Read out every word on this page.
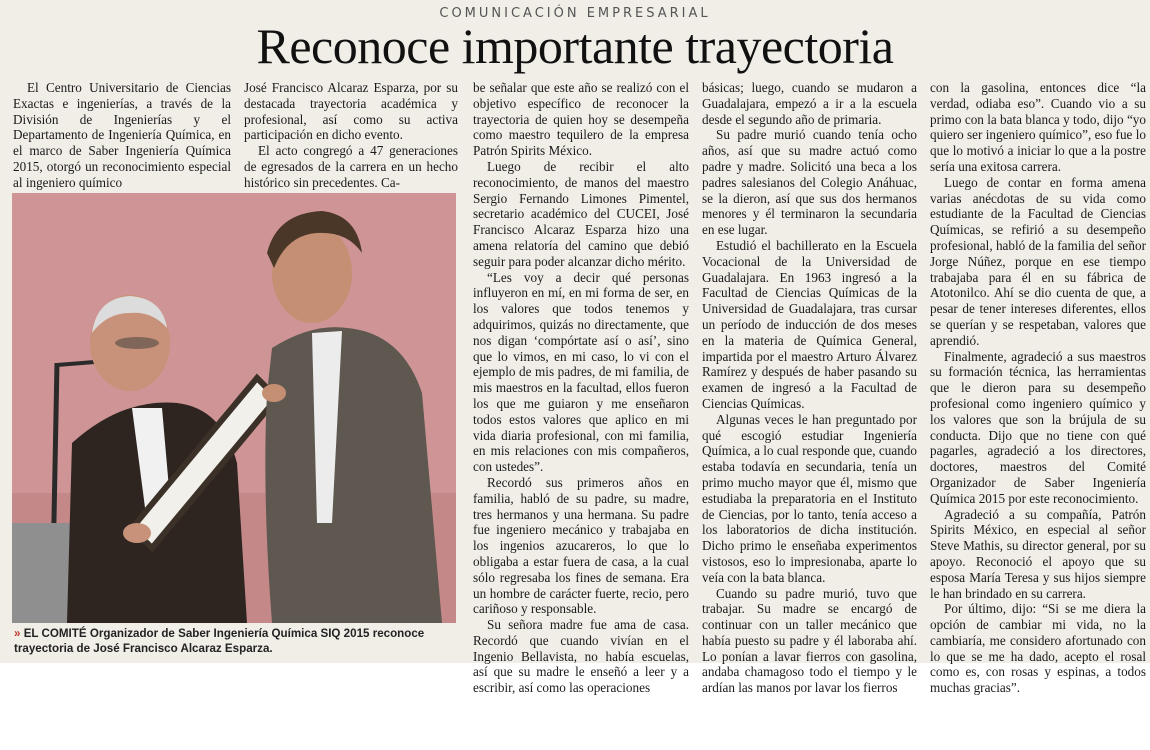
COMUNICACIÓN EMPRESARIAL
Reconoce importante trayectoria

El Centro Universitario de Ciencias Exactas e ingenierías, a través de la División de Ingenierías y el Departamento de Ingeniería Química, en el marco de Saber Ingeniería Química 2015, otorgó un reconocimiento especial al ingeniero químico

José Francisco Alcaraz Esparza, por su destacada trayectoria académica y profesional, así como su activa participación en dicho evento.

El acto congregó a 47 generaciones de egresados de la carrera en un hecho histórico sin precedentes. Ca-

be señalar que este año se realizó con el objetivo específico de reconocer la trayectoria de quien hoy se desempeña como maestro tequilero de la empresa Patrón Spirits México.

Luego de recibir el alto reconocimiento, de manos del maestro Sergio Fernando Limones Pimentel, secretario académico del CUCEI, José Francisco Alcaraz Esparza hizo una amena relatoría del camino que debió seguir para poder alcanzar dicho mérito.

“Les voy a decir qué personas influyeron en mí, en mi forma de ser, en los valores que todos tenemos y adquirimos, quizás no directamente, que nos digan ‘compórtate así o así’, sino que lo vimos, en mi caso, lo vi con el ejemplo de mis padres, de mi familia, de mis maestros en la facultad, ellos fueron los que me guiaron y me enseñaron todos estos valores que aplico en mi vida diaria profesional, con mi familia, en mis relaciones con mis compañeros, con ustedes”.

Recordó sus primeros años en familia, habló de su padre, su madre, tres hermanos y una hermana. Su padre fue ingeniero mecánico y trabajaba en los ingenios azucareros, lo que lo obligaba a estar fuera de casa, a la cual sólo regresaba los fines de semana. Era un hombre de carácter fuerte, recio, pero cariñoso y responsable.

Su señora madre fue ama de casa. Recordó que cuando vivían en el Ingenio Bellavista, no había escuelas, así que su madre le enseñó a leer y a escribir, así como las operaciones

básicas; luego, cuando se mudaron a Guadalajara, empezó a ir a la escuela desde el segundo año de primaria.

Su padre murió cuando tenía ocho años, así que su madre actuó como padre y madre. Solicitó una beca a los padres salesianos del Colegio Anáhuac, se la dieron, así que sus dos hermanos menores y él terminaron la secundaria en ese lugar.

Estudió el bachillerato en la Escuela Vocacional de la Universidad de Guadalajara. En 1963 ingresó a la Facultad de Ciencias Químicas de la Universidad de Guadalajara, tras cursar un período de inducción de dos meses en la materia de Química General, impartida por el maestro Arturo Álvarez Ramírez y después de haber pasando su examen de ingresó a la Facultad de Ciencias Químicas.

Algunas veces le han preguntado por qué escogió estudiar Ingeniería Química, a lo cual responde que, cuando estaba todavía en secundaria, tenía un primo mucho mayor que él, mismo que estudiaba la preparatoria en el Instituto de Ciencias, por lo tanto, tenía acceso a los laboratorios de dicha institución. Dicho primo le enseñaba experimentos vistosos, eso lo impresionaba, aparte lo veía con la bata blanca.

Cuando su padre murió, tuvo que trabajar. Su madre se encargó de continuar con un taller mecánico que había puesto su padre y él laboraba ahí. Lo ponían a lavar fierros con gasolina, andaba chamagoso todo el tiempo y le ardían las manos por lavar los fierros

con la gasolina, entonces dice “la verdad, odiaba eso”. Cuando vio a su primo con la bata blanca y todo, dijo “yo quiero ser ingeniero químico”, eso fue lo que lo motivó a iniciar lo que a la postre sería una exitosa carrera.

Luego de contar en forma amena varias anécdotas de su vida como estudiante de la Facultad de Ciencias Químicas, se refirió a su desempeño profesional, habló de la familia del señor Jorge Núñez, porque en ese tiempo trabajaba para él en su fábrica de Atotonilco. Ahí se dio cuenta de que, a pesar de tener intereses diferentes, ellos se querían y se respetaban, valores que aprendió.

Finalmente, agradeció a sus maestros su formación técnica, las herramientas que le dieron para su desempeño profesional como ingeniero químico y los valores que son la brújula de su conducta. Dijo que no tiene con qué pagarles, agradeció a los directores, doctores, maestros del Comité Organizador de Saber Ingeniería Química 2015 por este reconocimiento.

Agradeció a su compañía, Patrón Spirits México, en especial al señor Steve Mathis, su director general, por su apoyo. Reconoció el apoyo que su esposa María Teresa y sus hijos siempre le han brindado en su carrera.

Por último, dijo: “Si se me diera la opción de cambiar mi vida, no la cambiaría, me considero afortunado con lo que se me ha dado, acepto el rosal como es, con rosas y espinas, a todos muchas gracias”.

» EL COMITÉ Organizador de Saber Ingeniería Química SIQ 2015 reconoce trayectoria de José Francisco Alcaraz Esparza.
